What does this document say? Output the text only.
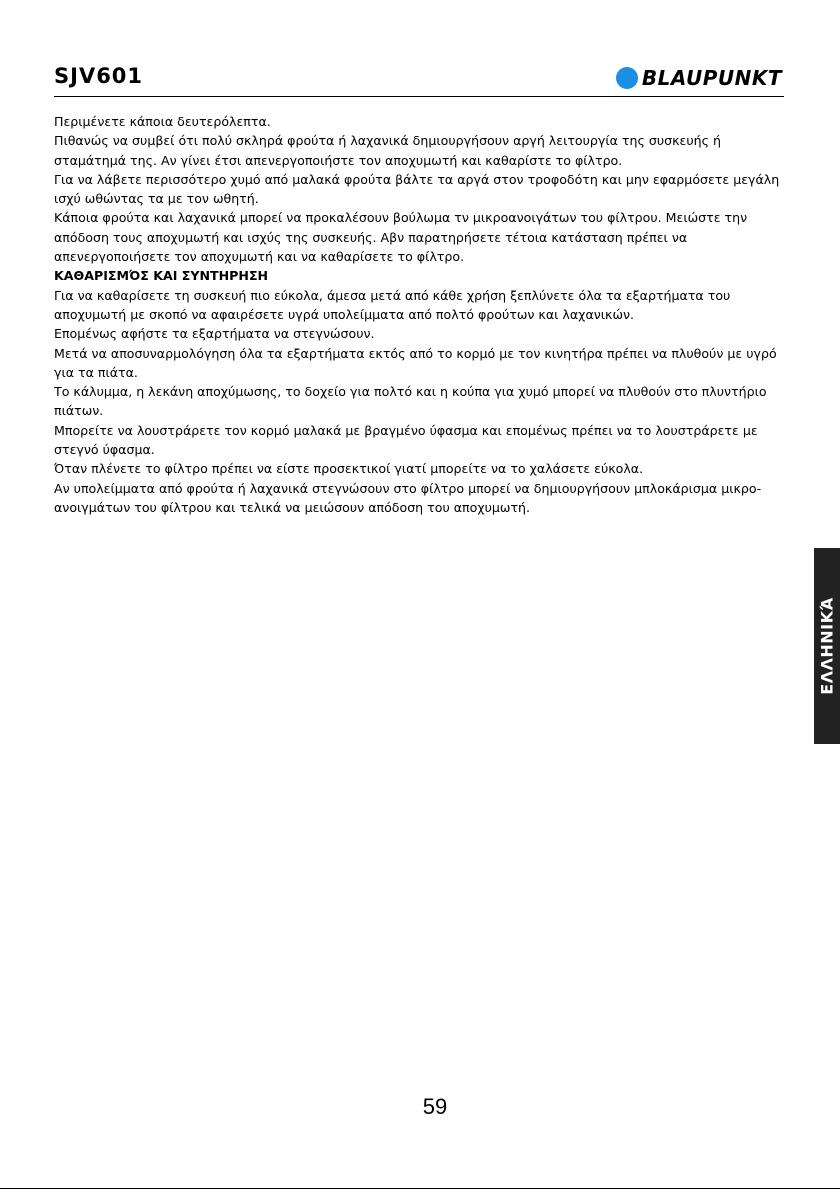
SJV601	BLAUPUNKT

Περιμένετε κάποια δευτερόλεπτα.

Πιθανώς να συμβεί ότι πολύ σκληρά φρούτα ή λαχανικά δημιουργήσουν αργή λειτουργία της συσκευής ή σταμάτημά της. Αν γίνει έτσι απενεργοποιήστε τον αποχυμωτή και καθαρίστε το φίλτρο.

Για να λάβετε περισσότερο χυμό από μαλακά φρούτα βάλτε τα αργά στον τροφοδότη και μην εφαρμόσετε μεγάλη ισχύ ωθώντας τα με τον ωθητή.

Κάποια φρούτα και λαχανικά μπορεί να προκαλέσουν βούλωμα τν μικροανοιγάτων του φίλτρου. Μειώστε την απόδοση τους αποχυμωτή και ισχύς της συσκευής. Αβν παρατηρήσετε τέτοια κατάσταση πρέπει να απενεργοποιήσετε τον αποχυμωτή και να καθαρίσετε το φίλτρο.

ΚΑΘΑΡΙΣΜΌΣ ΚΑΙ ΣΥΝΤΗΡΗΣΗ

Για να καθαρίσετε τη συσκευή πιο εύκολα, άμεσα μετά από κάθε χρήση ξεπλύνετε όλα τα εξαρτήματα του αποχυμωτή με σκοπό να αφαιρέσετε υγρά υπολείμματα από πολτό φρούτων και λαχανικών.

Επομένως αφήστε τα εξαρτήματα να στεγνώσουν.

Μετά να αποσυναρμολόγηση όλα τα εξαρτήματα εκτός από το κορμό με τον κινητήρα πρέπει να πλυθούν με υγρό για τα πιάτα.

Το κάλυμμα, η λεκάνη αποχύμωσης, το δοχείο για πολτό και η κούπα για χυμό μπορεί να πλυθούν στο πλυντήριο πιάτων.

Μπορείτε να λουστράρετε τον κορμό μαλακά με βραγμένο ύφασμα και επομένως πρέπει να το λουστράρετε με στεγνό ύφασμα.

Όταν πλένετε το φίλτρο πρέπει να είστε προσεκτικοί γιατί μπορείτε να το χαλάσετε εύκολα.

Αν υπολείμματα από φρούτα ή λαχανικά στεγνώσουν στο φίλτρο μπορεί να δημιουργήσουν μπλοκάρισμα μικρο-ανοιγμάτων του φίλτρου και τελικά να μειώσουν απόδοση του αποχυμωτή.

ΕΛΛΗΝΙΚΆ
59
